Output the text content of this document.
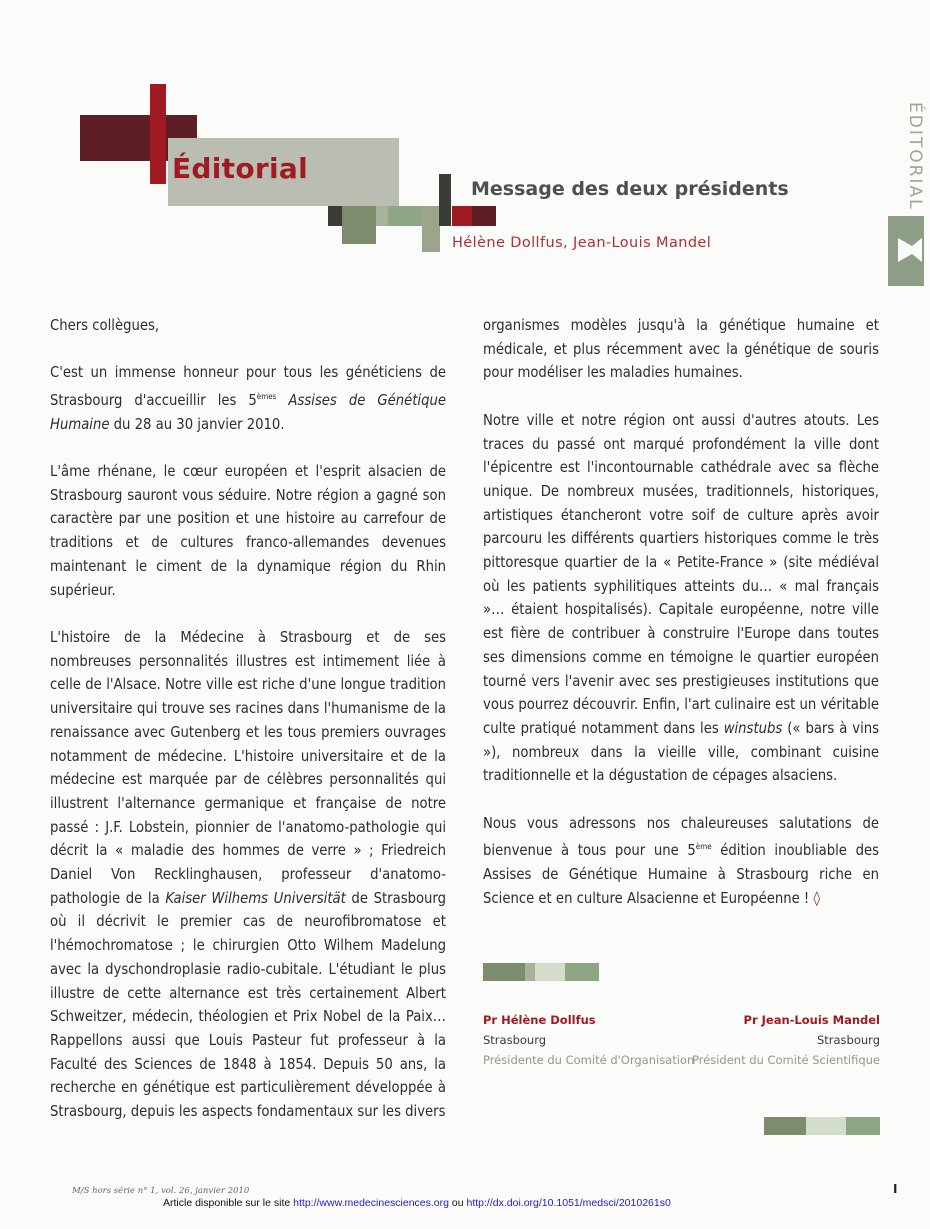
Éditorial
Message des deux présidents
Hélène Dollfus, Jean-Louis Mandel
ÉDITORIAL

Chers collègues,

C'est un immense honneur pour tous les généticiens de Strasbourg d'accueillir les 5èmes Assises de Génétique Humaine du 28 au 30 janvier 2010.

L'âme rhénane, le cœur européen et l'esprit alsacien de Strasbourg sauront vous séduire. Notre région a gagné son caractère par une position et une histoire au carrefour de traditions et de cultures franco-allemandes devenues maintenant le ciment de la dynamique région du Rhin supérieur.

L'histoire de la Médecine à Strasbourg et de ses nombreuses personnalités illustres est intimement liée à celle de l'Alsace. Notre ville est riche d'une longue tradition universitaire qui trouve ses racines dans l'humanisme de la renaissance avec Gutenberg et les tous premiers ouvrages notamment de médecine. L'histoire universitaire et de la médecine est marquée par de célèbres personnalités qui illustrent l'alternance germanique et française de notre passé : J.F. Lobstein, pionnier de l'anatomo-pathologie qui décrit la « maladie des hommes de verre » ; Friedreich Daniel Von Recklinghausen, professeur d'anatomo-pathologie de la Kaiser Wilhems Universität de Strasbourg où il décrivit le premier cas de neurofibromatose et l'hémochromatose ; le chirurgien Otto Wilhem Madelung avec la dyschondroplasie radio-cubitale. L'étudiant le plus illustre de cette alternance est très certainement Albert Schweitzer, médecin, théologien et Prix Nobel de la Paix… Rappellons aussi que Louis Pasteur fut professeur à la Faculté des Sciences de 1848 à 1854. Depuis 50 ans, la recherche en génétique est particulièrement développée à Strasbourg, depuis les aspects fondamentaux sur les divers

organismes modèles jusqu'à la génétique humaine et médicale, et plus récemment avec la génétique de souris pour modéliser les maladies humaines.

Notre ville et notre région ont aussi d'autres atouts. Les traces du passé ont marqué profondément la ville dont l'épicentre est l'incontournable cathédrale avec sa flèche unique. De nombreux musées, traditionnels, historiques, artistiques étancheront votre soif de culture après avoir parcouru les différents quartiers historiques comme le très pittoresque quartier de la « Petite-France » (site médiéval où les patients syphilitiques atteints du… « mal français »… étaient hospitalisés). Capitale européenne, notre ville est fière de contribuer à construire l'Europe dans toutes ses dimensions comme en témoigne le quartier européen tourné vers l'avenir avec ses prestigieuses institutions que vous pourrez découvrir. Enfin, l'art culinaire est un véritable culte pratiqué notamment dans les winstubs (« bars à vins »), nombreux dans la vieille ville, combinant cuisine traditionnelle et la dégustation de cépages alsaciens.

Nous vous adressons nos chaleureuses salutations de bienvenue à tous pour une 5ème édition inoubliable des Assises de Génétique Humaine à Strasbourg riche en Science et en culture Alsacienne et Européenne ! ◊

Pr Hélène Dollfus
Strasbourg
Présidente du Comité d'Organisation
Pr Jean-Louis Mandel
Strasbourg
Président du Comité Scientifique
M/S hors série n° 1, vol. 26, janvier 2010
Article disponible sur le site http://www.medecinesciences.org ou http://dx.doi.org/10.1051/medsci/2010261s0
I
